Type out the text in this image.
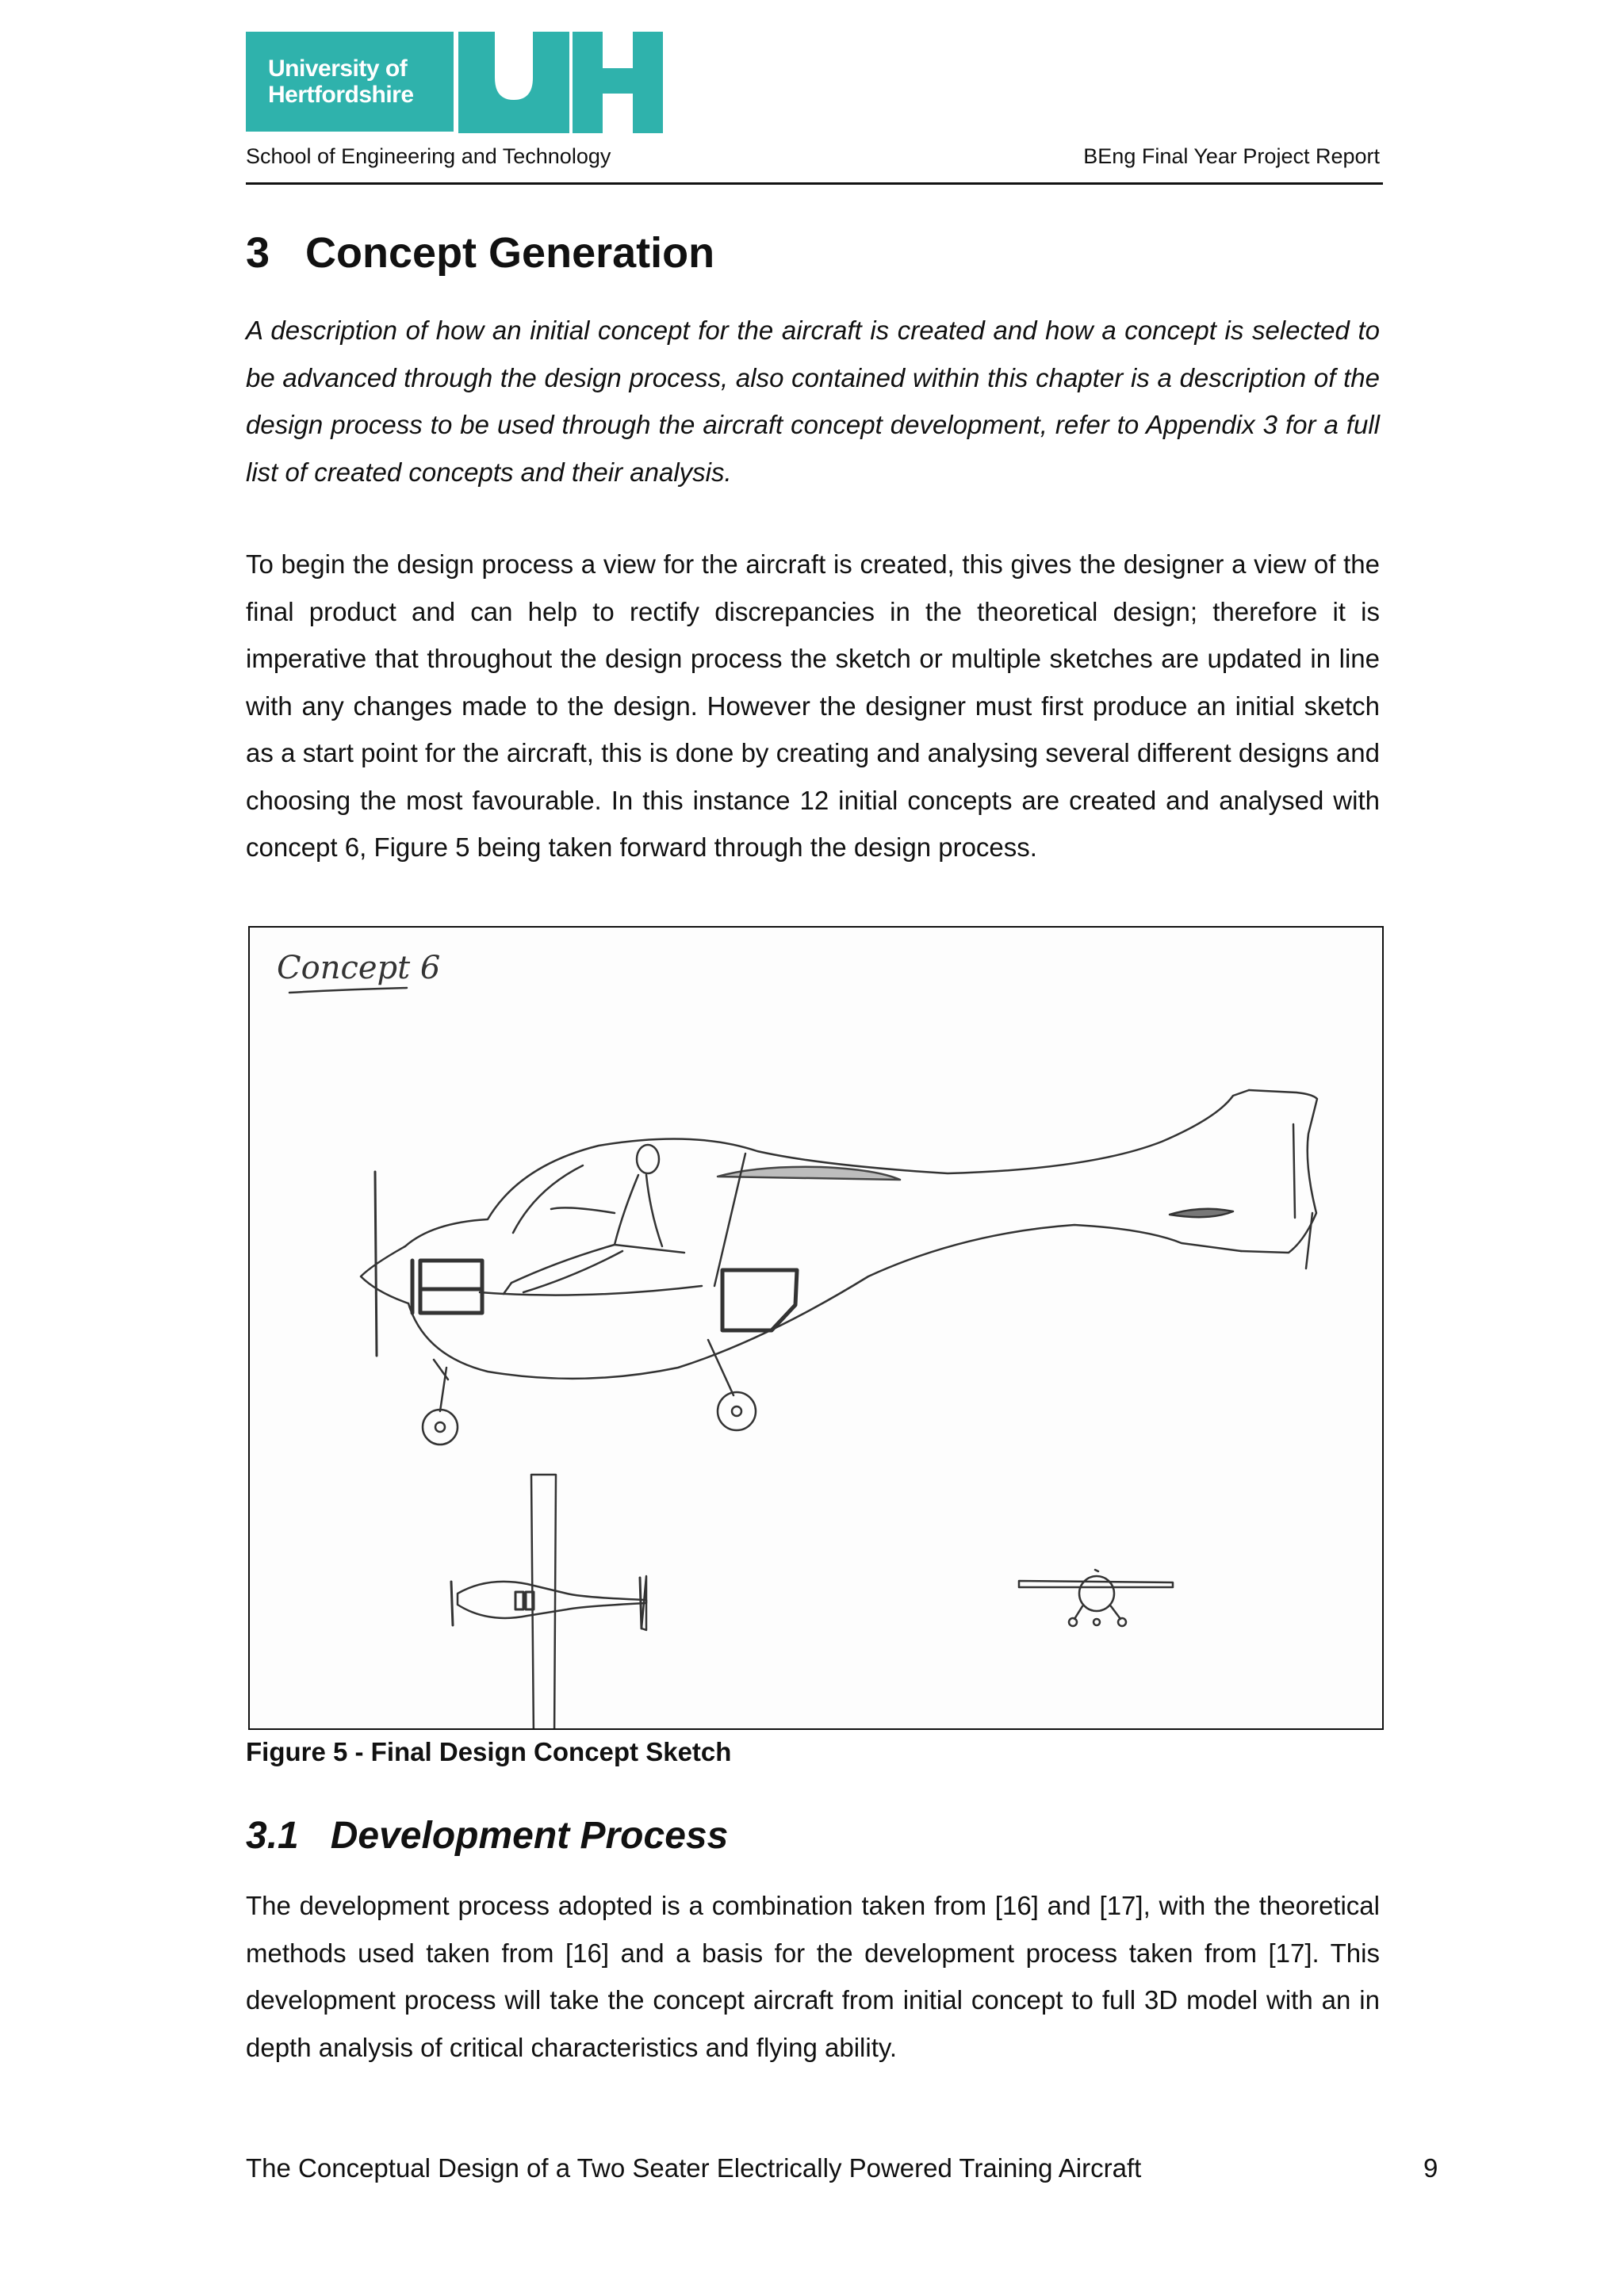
University of
Hertfordshire
School of Engineering and Technology	BEng Final Year Project Report
3   Concept Generation

A description of how an initial concept for the aircraft is created and how a concept is selected to be advanced through the design process, also contained within this chapter is a description of the design process to be used through the aircraft concept development, refer to Appendix 3 for a full list of created concepts and their analysis.

To begin the design process a view for the aircraft is created, this gives the designer a view of the final product and can help to rectify discrepancies in the theoretical design; therefore it is imperative that throughout the design process the sketch or multiple sketches are updated in line with any changes made to the design. However the designer must first produce an initial sketch as a start point for the aircraft, this is done by creating and analysing several different designs and choosing the most favourable. In this instance 12 initial concepts are created and analysed with concept 6, Figure 5 being taken forward through the design process.

Concept 6
Figure 5 - Final Design Concept Sketch
3.1   Development Process

The development process adopted is a combination taken from [16] and [17], with the theoretical methods used taken from [16] and a basis for the development process taken from [17]. This development process will take the concept aircraft from initial concept to full 3D model with an in depth analysis of critical characteristics and flying ability.

The Conceptual Design of a Two Seater Electrically Powered Training Aircraft	9
